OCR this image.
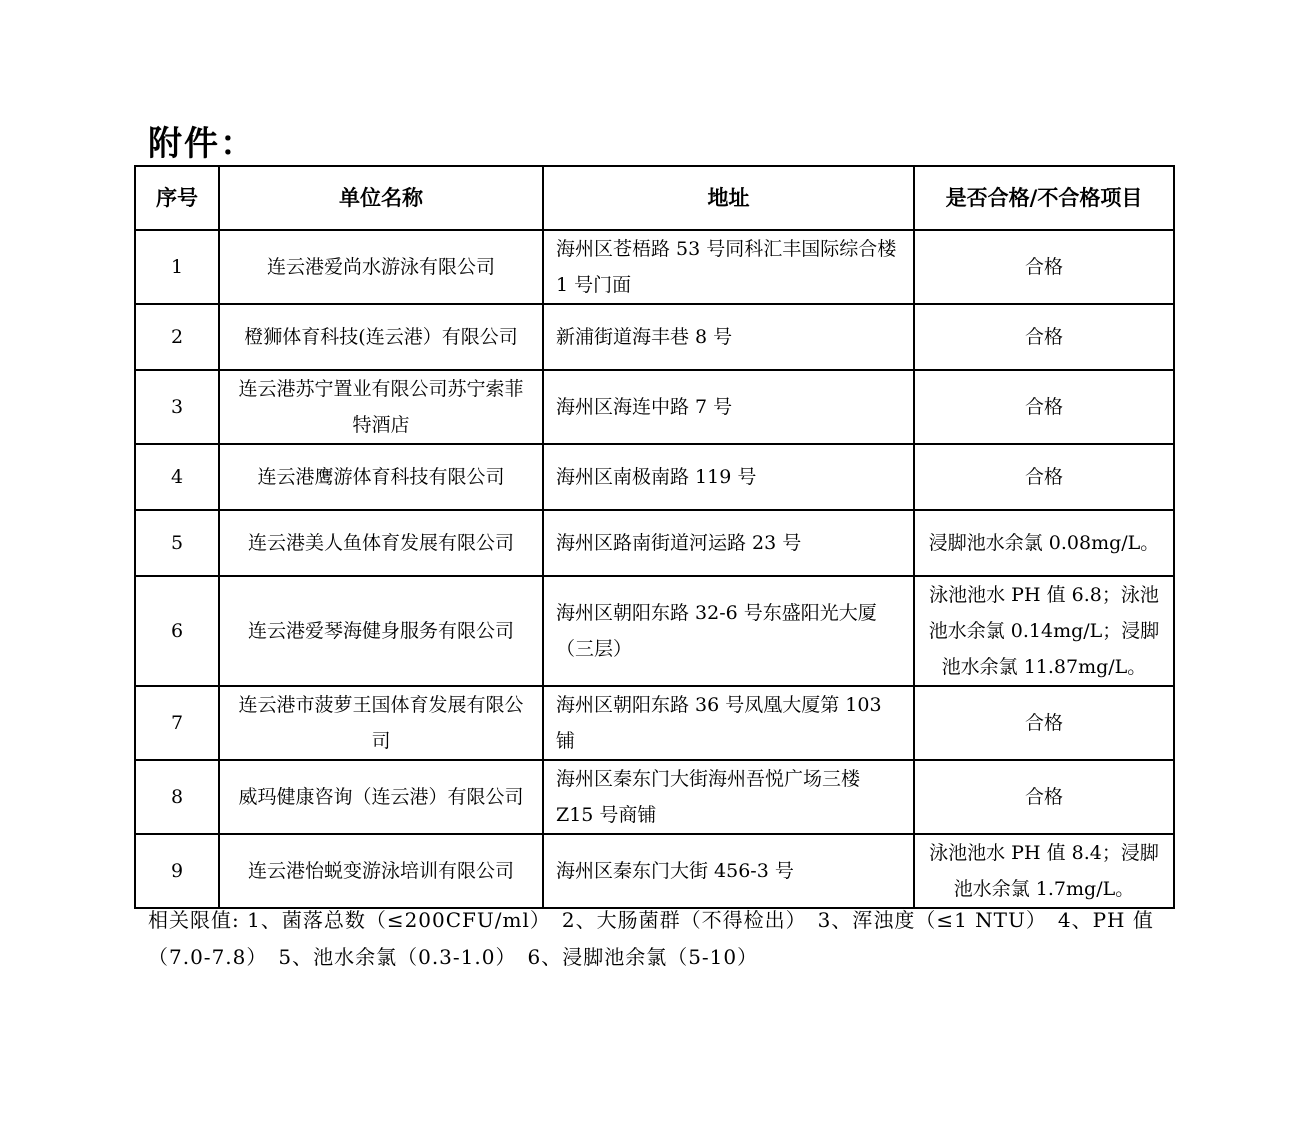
附件：
序号	单位名称	地址	是否合格/不合格项目
1	连云港爱尚水游泳有限公司	海州区苍梧路 53 号同科汇丰国际综合楼 1 号门面	合格
2	橙狮体育科技(连云港）有限公司	新浦街道海丰巷 8 号	合格
3	连云港苏宁置业有限公司苏宁索菲特酒店	海州区海连中路 7 号	合格
4	连云港鹰游体育科技有限公司	海州区南极南路 119 号	合格
5	连云港美人鱼体育发展有限公司	海州区路南街道河运路 23 号	浸脚池水余氯 0.08mg/L。
6	连云港爱琴海健身服务有限公司	海州区朝阳东路 32-6 号东盛阳光大厦（三层）	泳池池水 PH 值 6.8；泳池池水余氯 0.14mg/L；浸脚池水余氯 11.87mg/L。
7	连云港市菠萝王国体育发展有限公司	海州区朝阳东路 36 号凤凰大厦第 103 铺	合格
8	威玛健康咨询（连云港）有限公司	海州区秦东门大街海州吾悦广场三楼 Z15 号商铺	合格
9	连云港怡蜕变游泳培训有限公司	海州区秦东门大街 456-3 号	泳池池水 PH 值 8.4；浸脚池水余氯 1.7mg/L。
相关限值: 1、菌落总数（≤200CFU/ml）　2、大肠菌群（不得检出）　3、浑浊度（≤1 NTU）　4、PH 值（7.0-7.8）　5、池水余氯（0.3-1.0）　6、浸脚池余氯（5-10）
